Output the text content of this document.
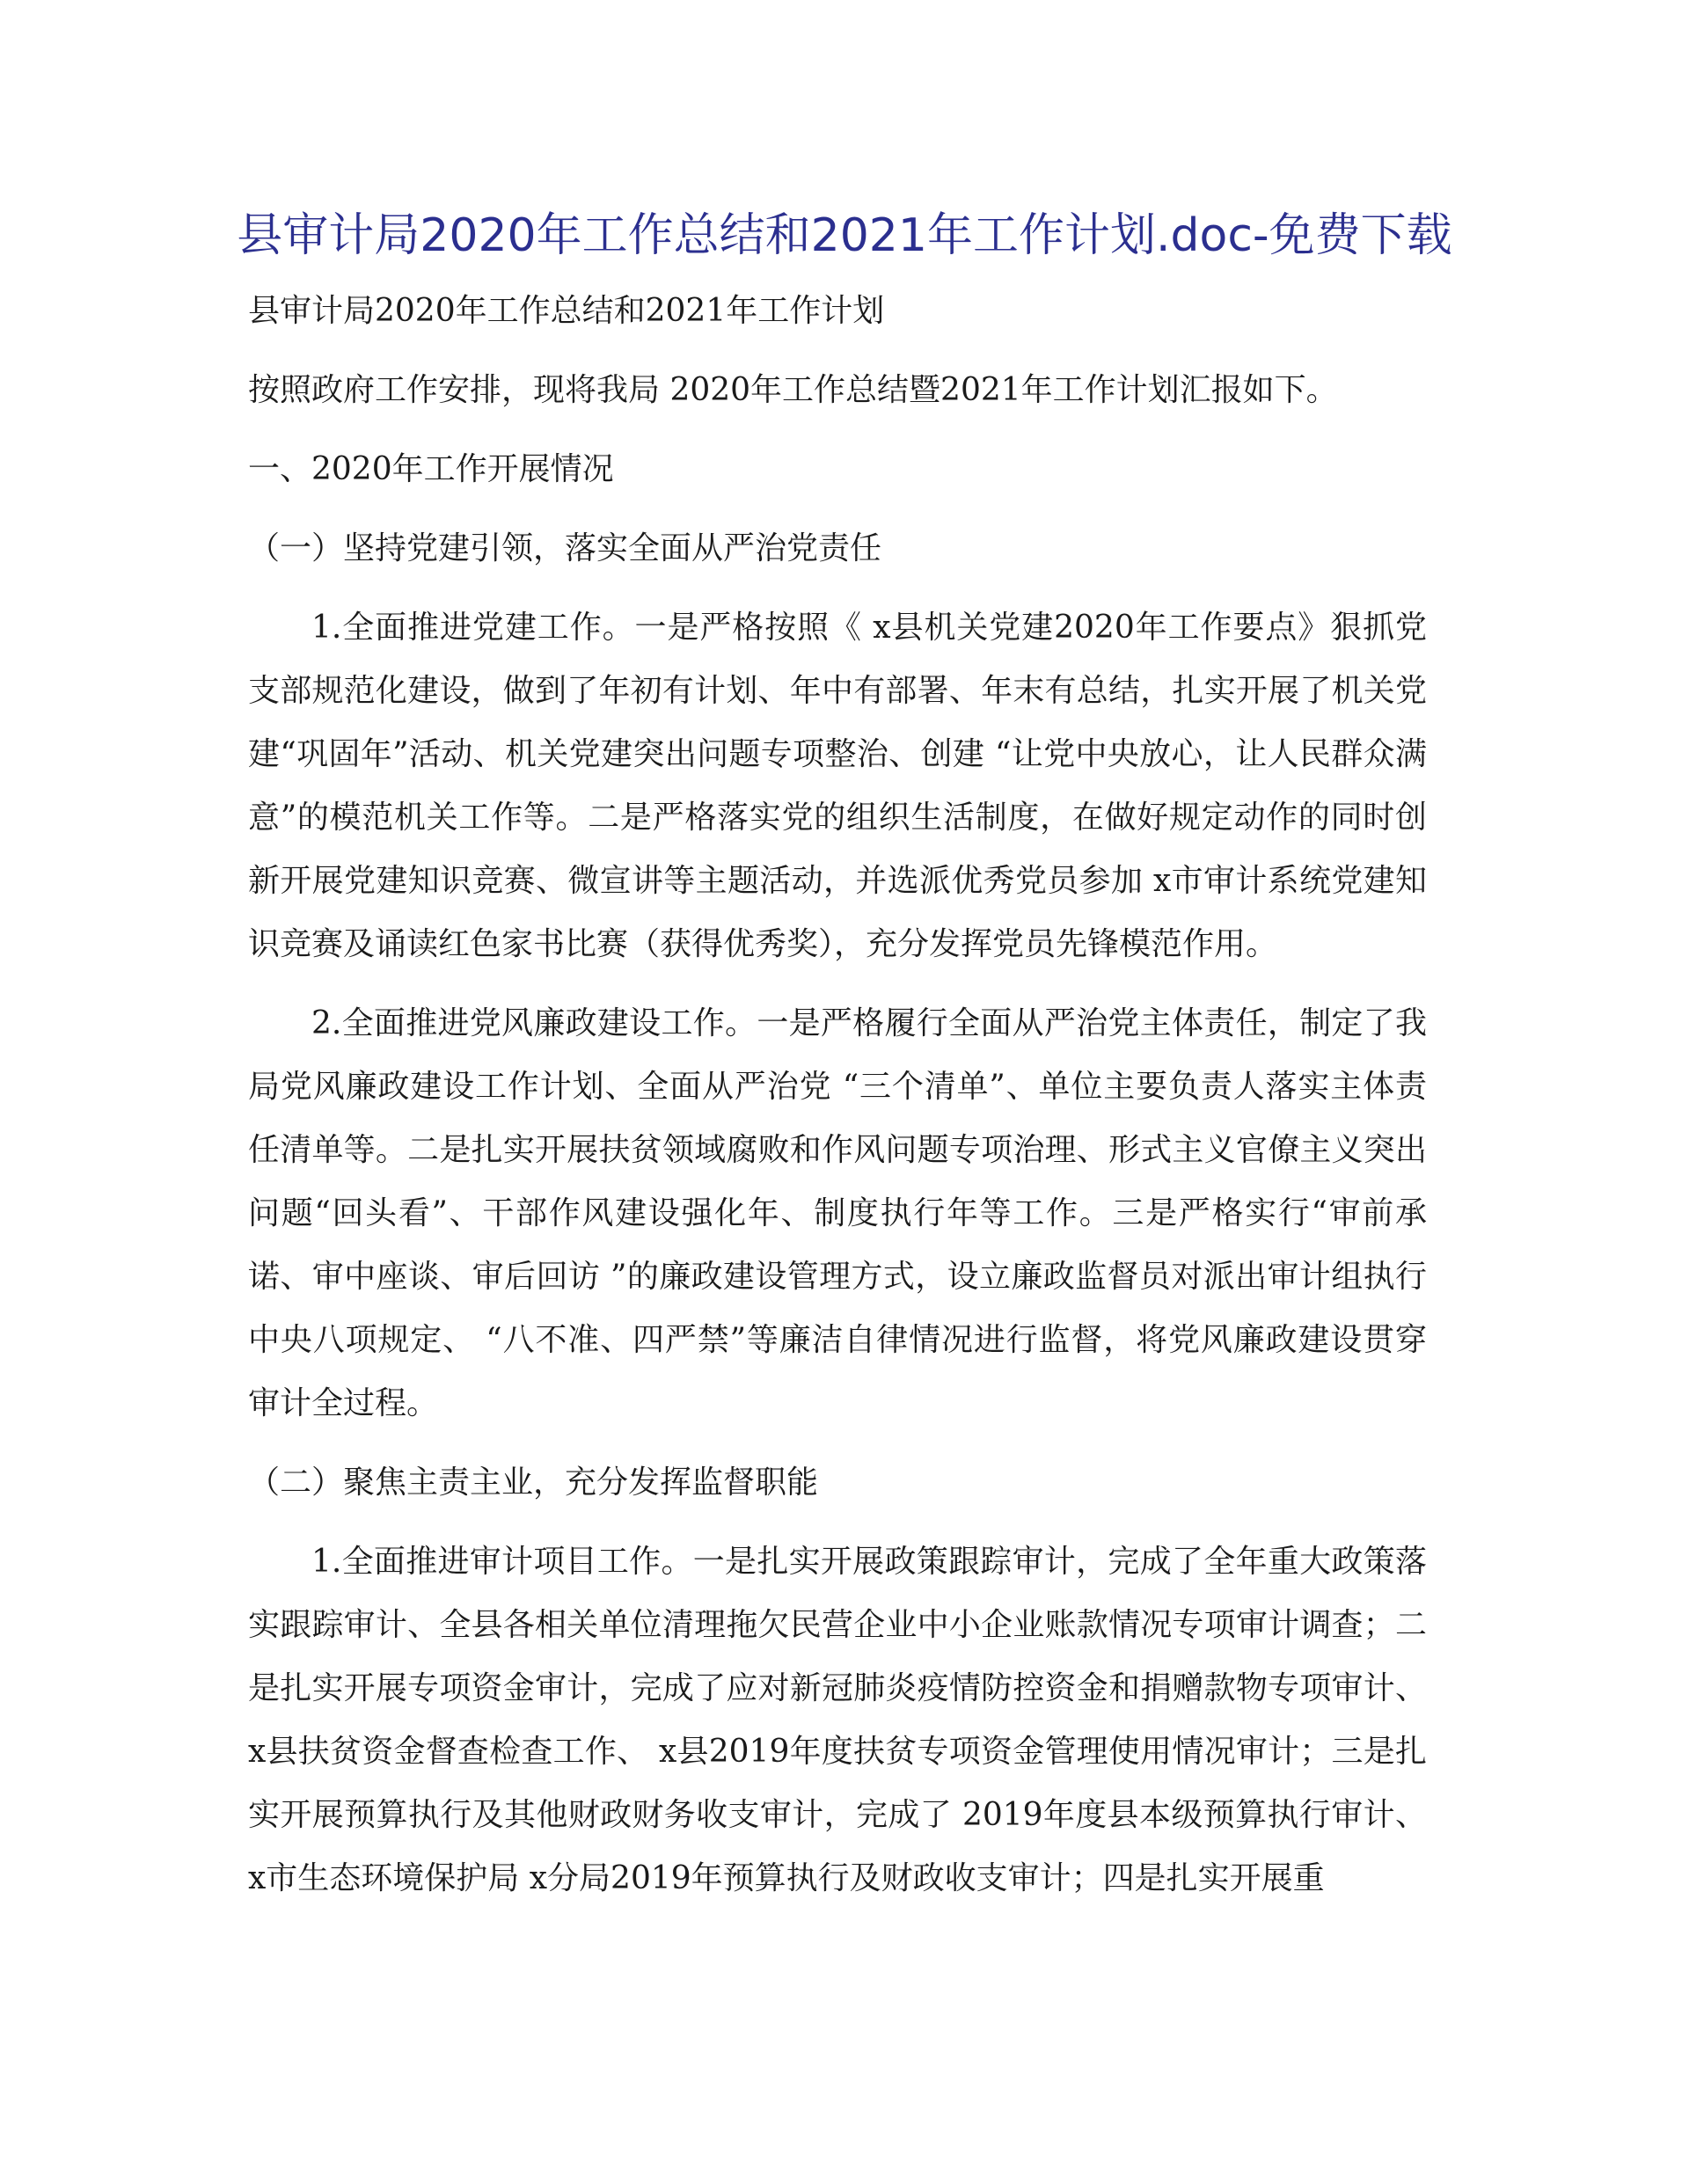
县审计局2020年工作总结和2021年工作计划.doc-免费下载

县审计局2020年工作总结和2021年工作计划

按照政府工作安排，现将我局 2020年工作总结暨2021年工作计划汇报如下。

一、2020年工作开展情况

（一）坚持党建引领，落实全面从严治党责任

1.全面推进党建工作。一是严格按照《 x县机关党建2020年工作要点》狠抓党支部规范化建设，做到了年初有计划、年中有部署、年末有总结，扎实开展了机关党建“巩固年”活动、机关党建突出问题专项整治、创建 “让党中央放心，让人民群众满意”的模范机关工作等。二是严格落实党的组织生活制度，在做好规定动作的同时创新开展党建知识竞赛、微宣讲等主题活动，并选派优秀党员参加 x市审计系统党建知识竞赛及诵读红色家书比赛（获得优秀奖），充分发挥党员先锋模范作用。

2.全面推进党风廉政建设工作。一是严格履行全面从严治党主体责任，制定了我局党风廉政建设工作计划、全面从严治党 “三个清单”、单位主要负责人落实主体责任清单等。二是扎实开展扶贫领域腐败和作风问题专项治理、形式主义官僚主义突出问题“回头看”、干部作风建设强化年、制度执行年等工作。三是严格实行“审前承诺、审中座谈、审后回访 ”的廉政建设管理方式，设立廉政监督员对派出审计组执行中央八项规定、 “八不准、四严禁”等廉洁自律情况进行监督，将党风廉政建设贯穿审计全过程。

（二）聚焦主责主业，充分发挥监督职能

1.全面推进审计项目工作。一是扎实开展政策跟踪审计，完成了全年重大政策落实跟踪审计、全县各相关单位清理拖欠民营企业中小企业账款情况专项审计调查；二是扎实开展专项资金审计，完成了应对新冠肺炎疫情防控资金和捐赠款物专项审计、x县扶贫资金督查检查工作、 x县2019年度扶贫专项资金管理使用情况审计；三是扎实开展预算执行及其他财政财务收支审计，完成了 2019年度县本级预算执行审计、x市生态环境保护局 x分局2019年预算执行及财政收支审计；四是扎实开展重
